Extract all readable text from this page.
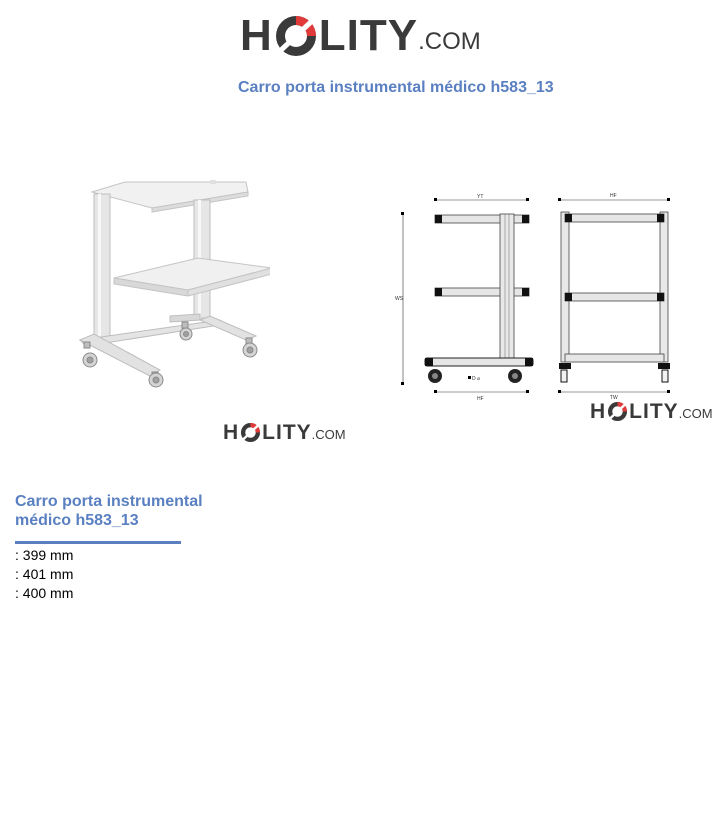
H LITY .COM
Carro porta instrumental médico h583_13
YT
WS
HF
D ⌀
HF
TW
H LITY .COM
H LITY .COM
Carro porta instrumental médico h583_13
: 399 mm
: 401 mm
: 400 mm
